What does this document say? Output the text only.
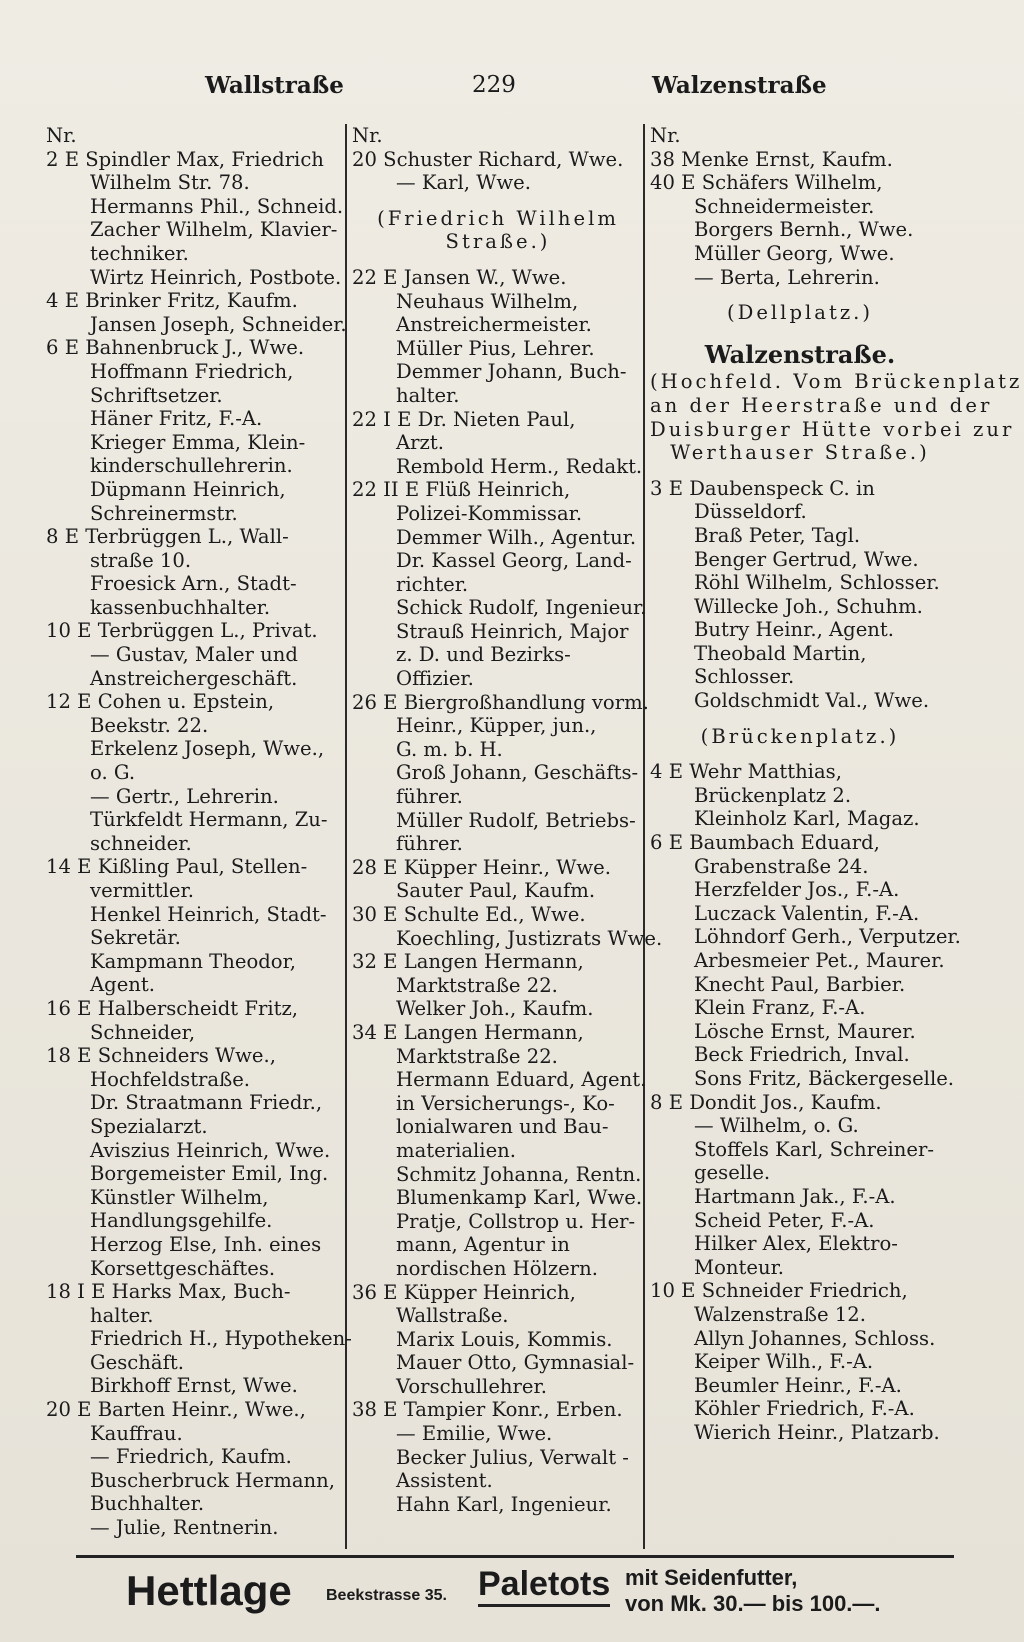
Wallstraße	229	Walzenstraße
Nr.
2 E Spindler Max, Friedrich
Wilhelm Str. 78.
Hermanns Phil., Schneid.
Zacher Wilhelm, Klavier-
techniker.
Wirtz Heinrich, Postbote.
4 E Brinker Fritz, Kaufm.
Jansen Joseph, Schneider.
6 E Bahnenbruck J., Wwe.
Hoffmann Friedrich,
Schriftsetzer.
Häner Fritz, F.-A.
Krieger Emma, Klein-
kinderschullehrerin.
Düpmann Heinrich,
Schreinermstr.
8 E Terbrüggen L., Wall-
straße 10.
Froesick Arn., Stadt-
kassenbuchhalter.
10 E Terbrüggen L., Privat.
— Gustav, Maler und
Anstreichergeschäft.
12 E Cohen u. Epstein,
Beekstr. 22.
Erkelenz Joseph, Wwe.,
o. G.
— Gertr., Lehrerin.
Türkfeldt Hermann, Zu-
schneider.
14 E Kißling Paul, Stellen-
vermittler.
Henkel Heinrich, Stadt-
Sekretär.
Kampmann Theodor,
Agent.
16 E Halberscheidt Fritz,
Schneider,
18 E Schneiders Wwe.,
Hochfeldstraße.
Dr. Straatmann Friedr.,
Spezialarzt.
Aviszius Heinrich, Wwe.
Borgemeister Emil, Ing.
Künstler Wilhelm,
Handlungsgehilfe.
Herzog Else, Inh. eines
Korsettgeschäftes.
18 I E Harks Max, Buch-
halter.
Friedrich H., Hypotheken-
Geschäft.
Birkhoff Ernst, Wwe.
20 E Barten Heinr., Wwe.,
Kauffrau.
— Friedrich, Kaufm.
Buscherbruck Hermann,
Buchhalter.
— Julie, Rentnerin.
Nr.
20 Schuster Richard, Wwe.
— Karl, Wwe.
(Friedrich Wilhelm
Straße.)
22 E Jansen W., Wwe.
Neuhaus Wilhelm,
Anstreichermeister.
Müller Pius, Lehrer.
Demmer Johann, Buch-
halter.
22 I E Dr. Nieten Paul,
Arzt.
Rembold Herm., Redakt.
22 II E Flüß Heinrich,
Polizei-Kommissar.
Demmer Wilh., Agentur.
Dr. Kassel Georg, Land-
richter.
Schick Rudolf, Ingenieur.
Strauß Heinrich, Major
z. D. und Bezirks-
Offizier.
26 E Biergroßhandlung vorm.
Heinr., Küpper, jun.,
G. m. b. H.
Groß Johann, Geschäfts-
führer.
Müller Rudolf, Betriebs-
führer.
28 E Küpper Heinr., Wwe.
Sauter Paul, Kaufm.
30 E Schulte Ed., Wwe.
Koechling, Justizrats Wwe.
32 E Langen Hermann,
Marktstraße 22.
Welker Joh., Kaufm.
34 E Langen Hermann,
Marktstraße 22.
Hermann Eduard, Agent.
in Versicherungs-, Ko-
lonialwaren und Bau-
materialien.
Schmitz Johanna, Rentn.
Blumenkamp Karl, Wwe.
Pratje, Collstrop u. Her-
mann, Agentur in
nordischen Hölzern.
36 E Küpper Heinrich,
Wallstraße.
Marix Louis, Kommis.
Mauer Otto, Gymnasial-
Vorschullehrer.
38 E Tampier Konr., Erben.
— Emilie, Wwe.
Becker Julius, Verwalt -
Assistent.
Hahn Karl, Ingenieur.
Nr.
38 Menke Ernst, Kaufm.
40 E Schäfers Wilhelm,
Schneidermeister.
Borgers Bernh., Wwe.
Müller Georg, Wwe.
— Berta, Lehrerin.
(Dellplatz.)
Walzenstraße.
(Hochfeld. Vom Brückenplatz
an der Heerstraße und der
Duisburger Hütte vorbei zur
Werthauser Straße.)
3 E Daubenspeck C. in
Düsseldorf.
Braß Peter, Tagl.
Benger Gertrud, Wwe.
Röhl Wilhelm, Schlosser.
Willecke Joh., Schuhm.
Butry Heinr., Agent.
Theobald Martin,
Schlosser.
Goldschmidt Val., Wwe.
(Brückenplatz.)
4 E Wehr Matthias,
Brückenplatz 2.
Kleinholz Karl, Magaz.
6 E Baumbach Eduard,
Grabenstraße 24.
Herzfelder Jos., F.-A.
Luczack Valentin, F.-A.
Löhndorf Gerh., Verputzer.
Arbesmeier Pet., Maurer.
Knecht Paul, Barbier.
Klein Franz, F.-A.
Lösche Ernst, Maurer.
Beck Friedrich, Inval.
Sons Fritz, Bäckergeselle.
8 E Dondit Jos., Kaufm.
— Wilhelm, o. G.
Stoffels Karl, Schreiner-
geselle.
Hartmann Jak., F.-A.
Scheid Peter, F.-A.
Hilker Alex, Elektro-
Monteur.
10 E Schneider Friedrich,
Walzenstraße 12.
Allyn Johannes, Schloss.
Keiper Wilh., F.-A.
Beumler Heinr., F.-A.
Köhler Friedrich, F.-A.
Wierich Heinr., Platzarb.
Hettlage Beekstrasse 35. Paletots mit Seidenfutter,
von Mk. 30.— bis 100.—.
